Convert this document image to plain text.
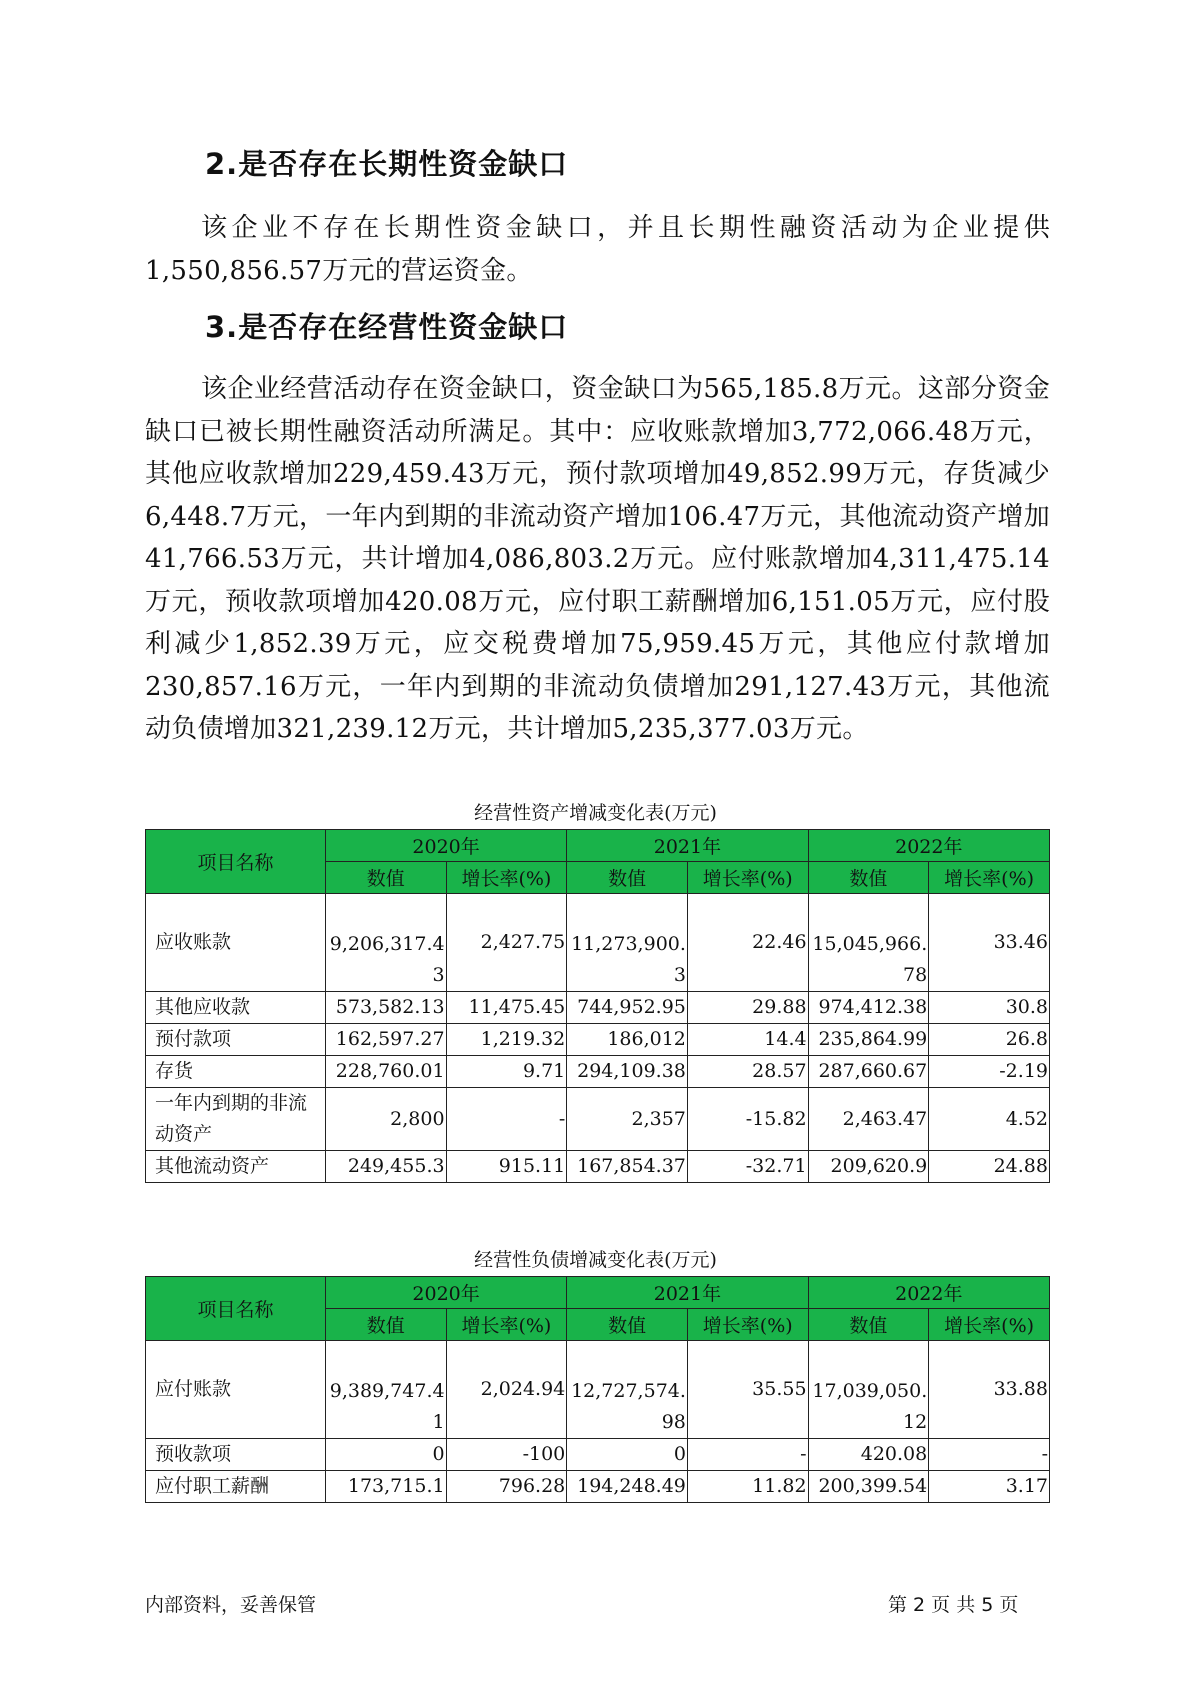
2.是否存在长期性资金缺口

该企业不存在长期性资金缺口，并且长期性融资活动为企业提供1,550,856.57万元的营运资金。

3.是否存在经营性资金缺口

该企业经营活动存在资金缺口，资金缺口为565,185.8万元。这部分资金缺口已被长期性融资活动所满足。其中：应收账款增加3,772,066.48万元，其他应收款增加229,459.43万元，预付款项增加49,852.99万元，存货减少6,448.7万元，一年内到期的非流动资产增加106.47万元，其他流动资产增加41,766.53万元，共计增加4,086,803.2万元。应付账款增加4,311,475.14万元，预收款项增加420.08万元，应付职工薪酬增加6,151.05万元，应付股利减少1,852.39万元，应交税费增加75,959.45万元，其他应付款增加230,857.16万元，一年内到期的非流动负债增加291,127.43万元，其他流动负债增加321,239.12万元，共计增加5,235,377.03万元。

经营性资产增减变化表(万元)
项目名称	2020年		2021年		2022年	
	数值	增长率(%)	数值	增长率(%)	数值	增长率(%)
应收账款	9,206,317.43	2,427.75	11,273,900.3	22.46	15,045,966.78	33.46
其他应收款	573,582.13	11,475.45	744,952.95	29.88	974,412.38	30.8
预付款项	162,597.27	1,219.32	186,012	14.4	235,864.99	26.8
存货	228,760.01	9.71	294,109.38	28.57	287,660.67	-2.19
一年内到期的非流动资产	2,800	-	2,357	-15.82	2,463.47	4.52
其他流动资产	249,455.3	915.11	167,854.37	-32.71	209,620.9	24.88
经营性负债增减变化表(万元)
项目名称	2020年		2021年		2022年	
	数值	增长率(%)	数值	增长率(%)	数值	增长率(%)
应付账款	9,389,747.41	2,024.94	12,727,574.98	35.55	17,039,050.12	33.88
预收款项	0	-100	0	-	420.08	-
应付职工薪酬	173,715.1	796.28	194,248.49	11.82	200,399.54	3.17
内部资料，妥善保管	第 2 页 共 5 页
